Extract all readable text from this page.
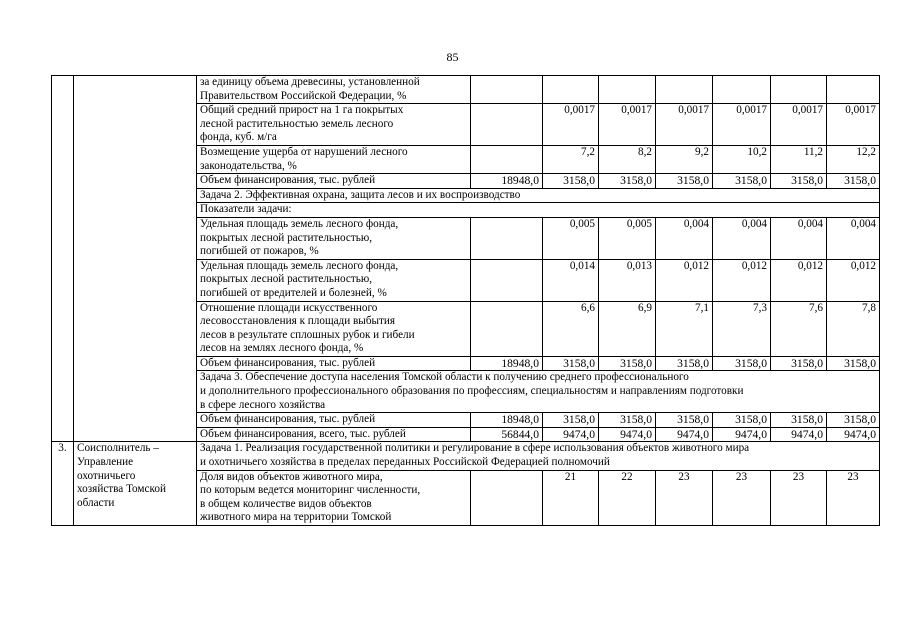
85
		за единицу объема древесины, установленной
Правительством Российской Федерации, %							
		Общий средний прирост на 1 га покрытых
лесной растительностью земель лесного
фонда, куб. м/га		0,0017	0,0017	0,0017	0,0017	0,0017	0,0017
		Возмещение ущерба от нарушений лесного
законодательства, %		7,2	8,2	9,2	10,2	11,2	12,2
		Объем финансирования, тыс. рублей	18948,0	3158,0	3158,0	3158,0	3158,0	3158,0	3158,0
		Задача 2. Эффективная охрана, защита лесов и их воспроизводство							
		Показатели задачи:							
		Удельная площадь земель лесного фонда,
покрытых лесной растительностью,
погибшей от пожаров, %		0,005	0,005	0,004	0,004	0,004	0,004
		Удельная площадь земель лесного фонда,
покрытых лесной растительностью,
погибшей от вредителей и болезней, %		0,014	0,013	0,012	0,012	0,012	0,012
		Отношение площади искусственного
лесовосстановления к площади выбытия
лесов в результате сплошных рубок и гибели
лесов на землях лесного фонда, %		6,6	6,9	7,1	7,3	7,6	7,8
		Объем финансирования, тыс. рублей	18948,0	3158,0	3158,0	3158,0	3158,0	3158,0	3158,0
		Задача 3. Обеспечение доступа населения Томской области к получению среднего профессионального
и дополнительного профессионального образования по профессиям, специальностям и направлениям подготовки
в сфере лесного хозяйства							
		Объем финансирования, тыс. рублей	18948,0	3158,0	3158,0	3158,0	3158,0	3158,0	3158,0
		Объем финансирования, всего, тыс. рублей	56844,0	9474,0	9474,0	9474,0	9474,0	9474,0	9474,0
3.	Соисполнитель –
Управление
охотничьего
хозяйства Томской
области	Задача 1. Реализация государственной политики и регулирование в сфере использования объектов животного мира
и охотничьего хозяйства в пределах переданных Российской Федерацией полномочий							
		Доля видов объектов животного мира,
по которым ведется мониторинг численности,
в общем количестве видов объектов
животного мира на территории Томской		21	22	23	23	23	23
